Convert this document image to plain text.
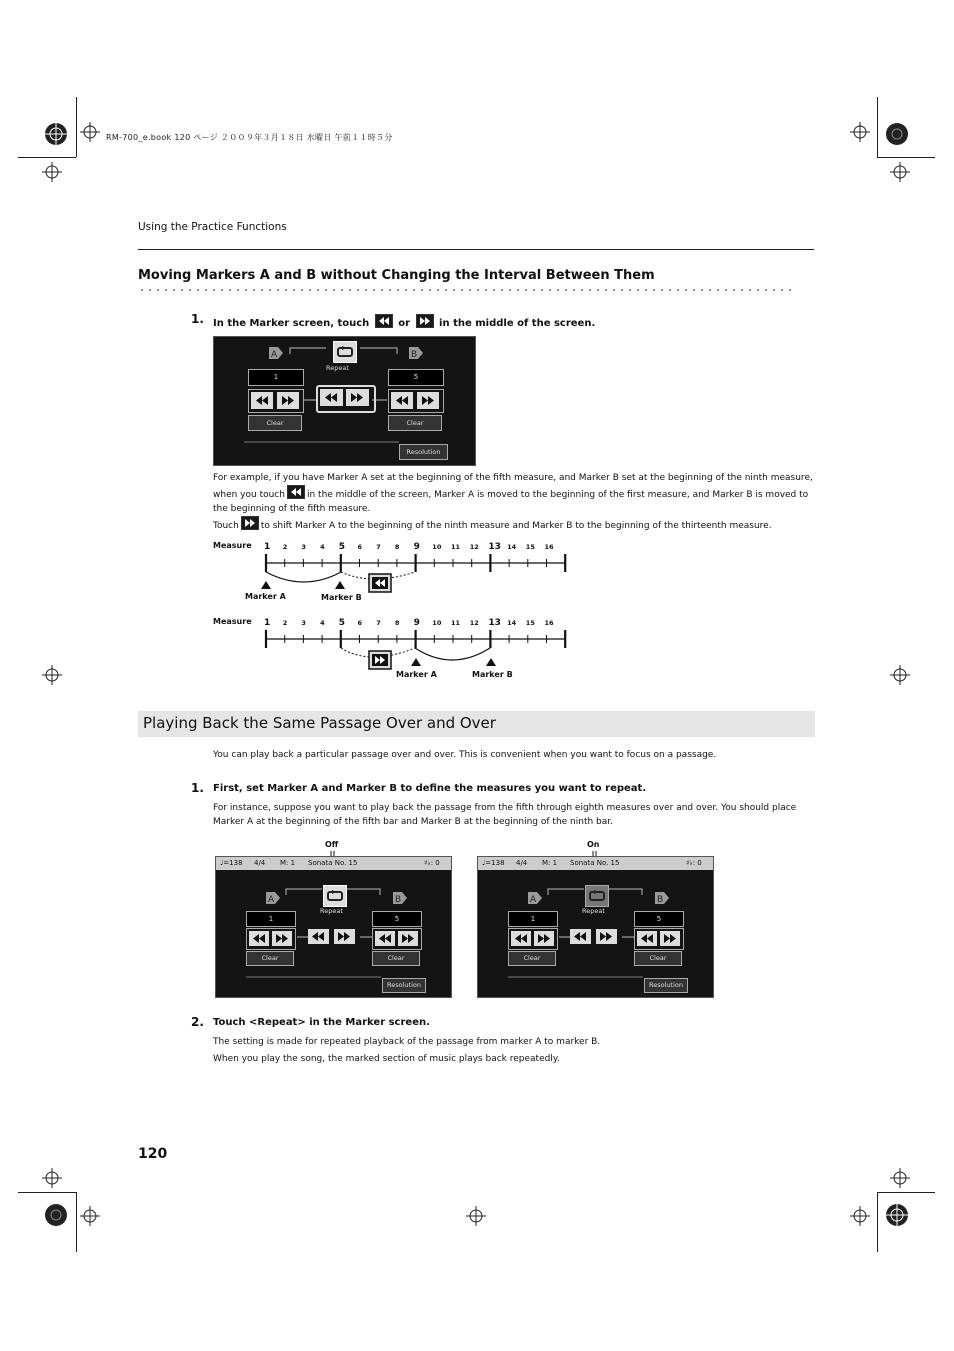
RM-700_e.book 120 ページ ２００９年３月１８日 水曜日 午前１１時５分
Using the Practice Functions
Moving Markers A and B without Changing the Interval Between Them
1. In the Marker screen, touch	or	in the middle of the screen.
A	B
Repeat
1
Clear
5
Clear
Resolution
For example, if you have Marker A set at the beginning of the fifth measure, and Marker B set at the beginning of the ninth measure,
when you touch in the middle of the screen, Marker A is moved to the beginning of the first measure, and Marker B is moved to
the beginning of the fifth measure.
Touch to shift Marker A to the beginning of the ninth measure and Marker B to the beginning of the thirteenth measure.
Measure
Measure
1 2 3 4 5 6 7 8 9 10 11 12 13 14 15 16
1 2 3 4 5 6 7 8 9 10 11 12 13 14 15 16
Marker A	Marker B
Marker A	Marker B
Playing Back the Same Passage Over and Over
You can play back a particular passage over and over. This is convenient when you want to focus on a passage.
1. First, set Marker A and Marker B to define the measures you want to repeat.
For instance, suppose you want to play back the passage from the fifth through eighth measures over and over. You should place
Marker A at the beginning of the fifth bar and Marker B at the beginning of the ninth bar.
Off	On
♩=138 4/4 M: 1 Sonata No. 15	♯♭: 0
A	B
Repeat
1	5
Clear	Clear
Resolution
♩=138 4/4 M: 1 Sonata No. 15	♯♭: 0
A	B
Repeat
1	5
Clear	Clear
Resolution
2. Touch <Repeat> in the Marker screen.
The setting is made for repeated playback of the passage from marker A to marker B.
When you play the song, the marked section of music plays back repeatedly.
120
